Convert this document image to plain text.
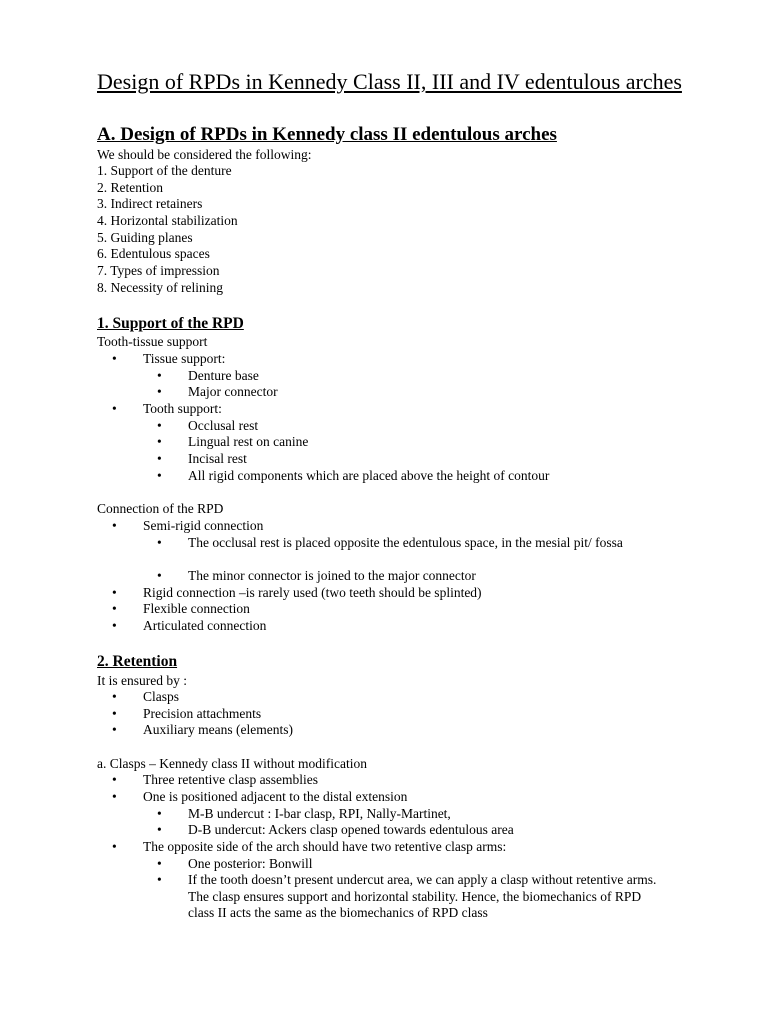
Design of RPDs in Kennedy Class II, III and IV edentulous arches
A. Design of RPDs in Kennedy class II edentulous arches
We should be considered the following:
1. Support of the denture
2. Retention
3. Indirect retainers
4. Horizontal stabilization
5. Guiding planes
6. Edentulous spaces
7. Types of impression
8. Necessity of relining
1. Support of the RPD
Tooth-tissue support
• Tissue support:
• Denture base
• Major connector
• Tooth support:
• Occlusal rest
• Lingual rest on canine
• Incisal rest
• All rigid components which are placed above the height of contour
Connection of the RPD
• Semi-rigid connection
• The occlusal rest is placed opposite the edentulous space, in the mesial pit/ fossa
• The minor connector is joined to the major connector
• Rigid connection –is rarely used (two teeth should be splinted)
• Flexible connection
• Articulated connection
2. Retention
It is ensured by :
• Clasps
• Precision attachments
• Auxiliary means (elements)
a. Clasps – Kennedy class II without modification
• Three retentive clasp assemblies
• One is positioned adjacent to the distal extension
• M-B undercut : I-bar clasp, RPI, Nally-Martinet,
• D-B undercut: Ackers clasp opened towards edentulous area
• The opposite side of the arch should have two retentive clasp arms:
• One posterior: Bonwill
• If the tooth doesn’t present undercut area, we can apply a clasp without retentive arms. The clasp ensures support and horizontal stability. Hence, the biomechanics of RPD class II acts the same as the biomechanics of RPD class
